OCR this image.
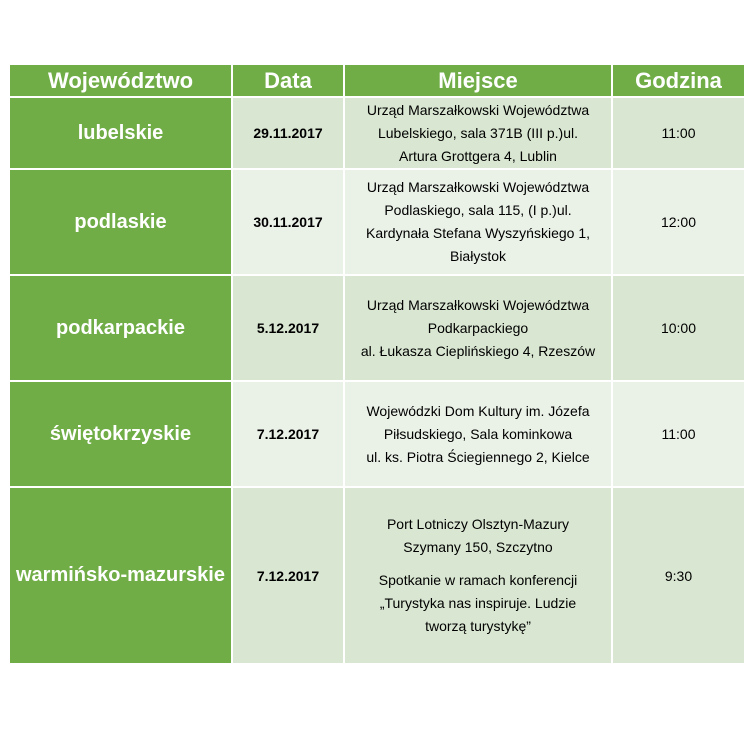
Województwo	Data	Miejsce	Godzina
lubelskie	29.11.2017	Urząd Marszałkowski Województwa
Lubelskiego, sala 371B (III p.)ul.
Artura Grottgera 4, Lublin	11:00
podlaskie	30.11.2017	Urząd Marszałkowski Województwa
Podlaskiego, sala 115, (I p.)ul.
Kardynała Stefana Wyszyńskiego 1,
Białystok	12:00
podkarpackie	5.12.2017	Urząd Marszałkowski Województwa
Podkarpackiego
al. Łukasza Cieplińskiego 4, Rzeszów	10:00
świętokrzyskie	7.12.2017	Wojewódzki Dom Kultury im. Józefa
Piłsudskiego, Sala kominkowa
ul. ks. Piotra Ściegiennego 2, Kielce	11:00
warmińsko-mazurskie	7.12.2017	Port Lotniczy Olsztyn-Mazury
Szymany 150, Szczytno
Spotkanie w ramach konferencji
„Turystyka nas inspiruje. Ludzie
tworzą turystykę”	9:30
